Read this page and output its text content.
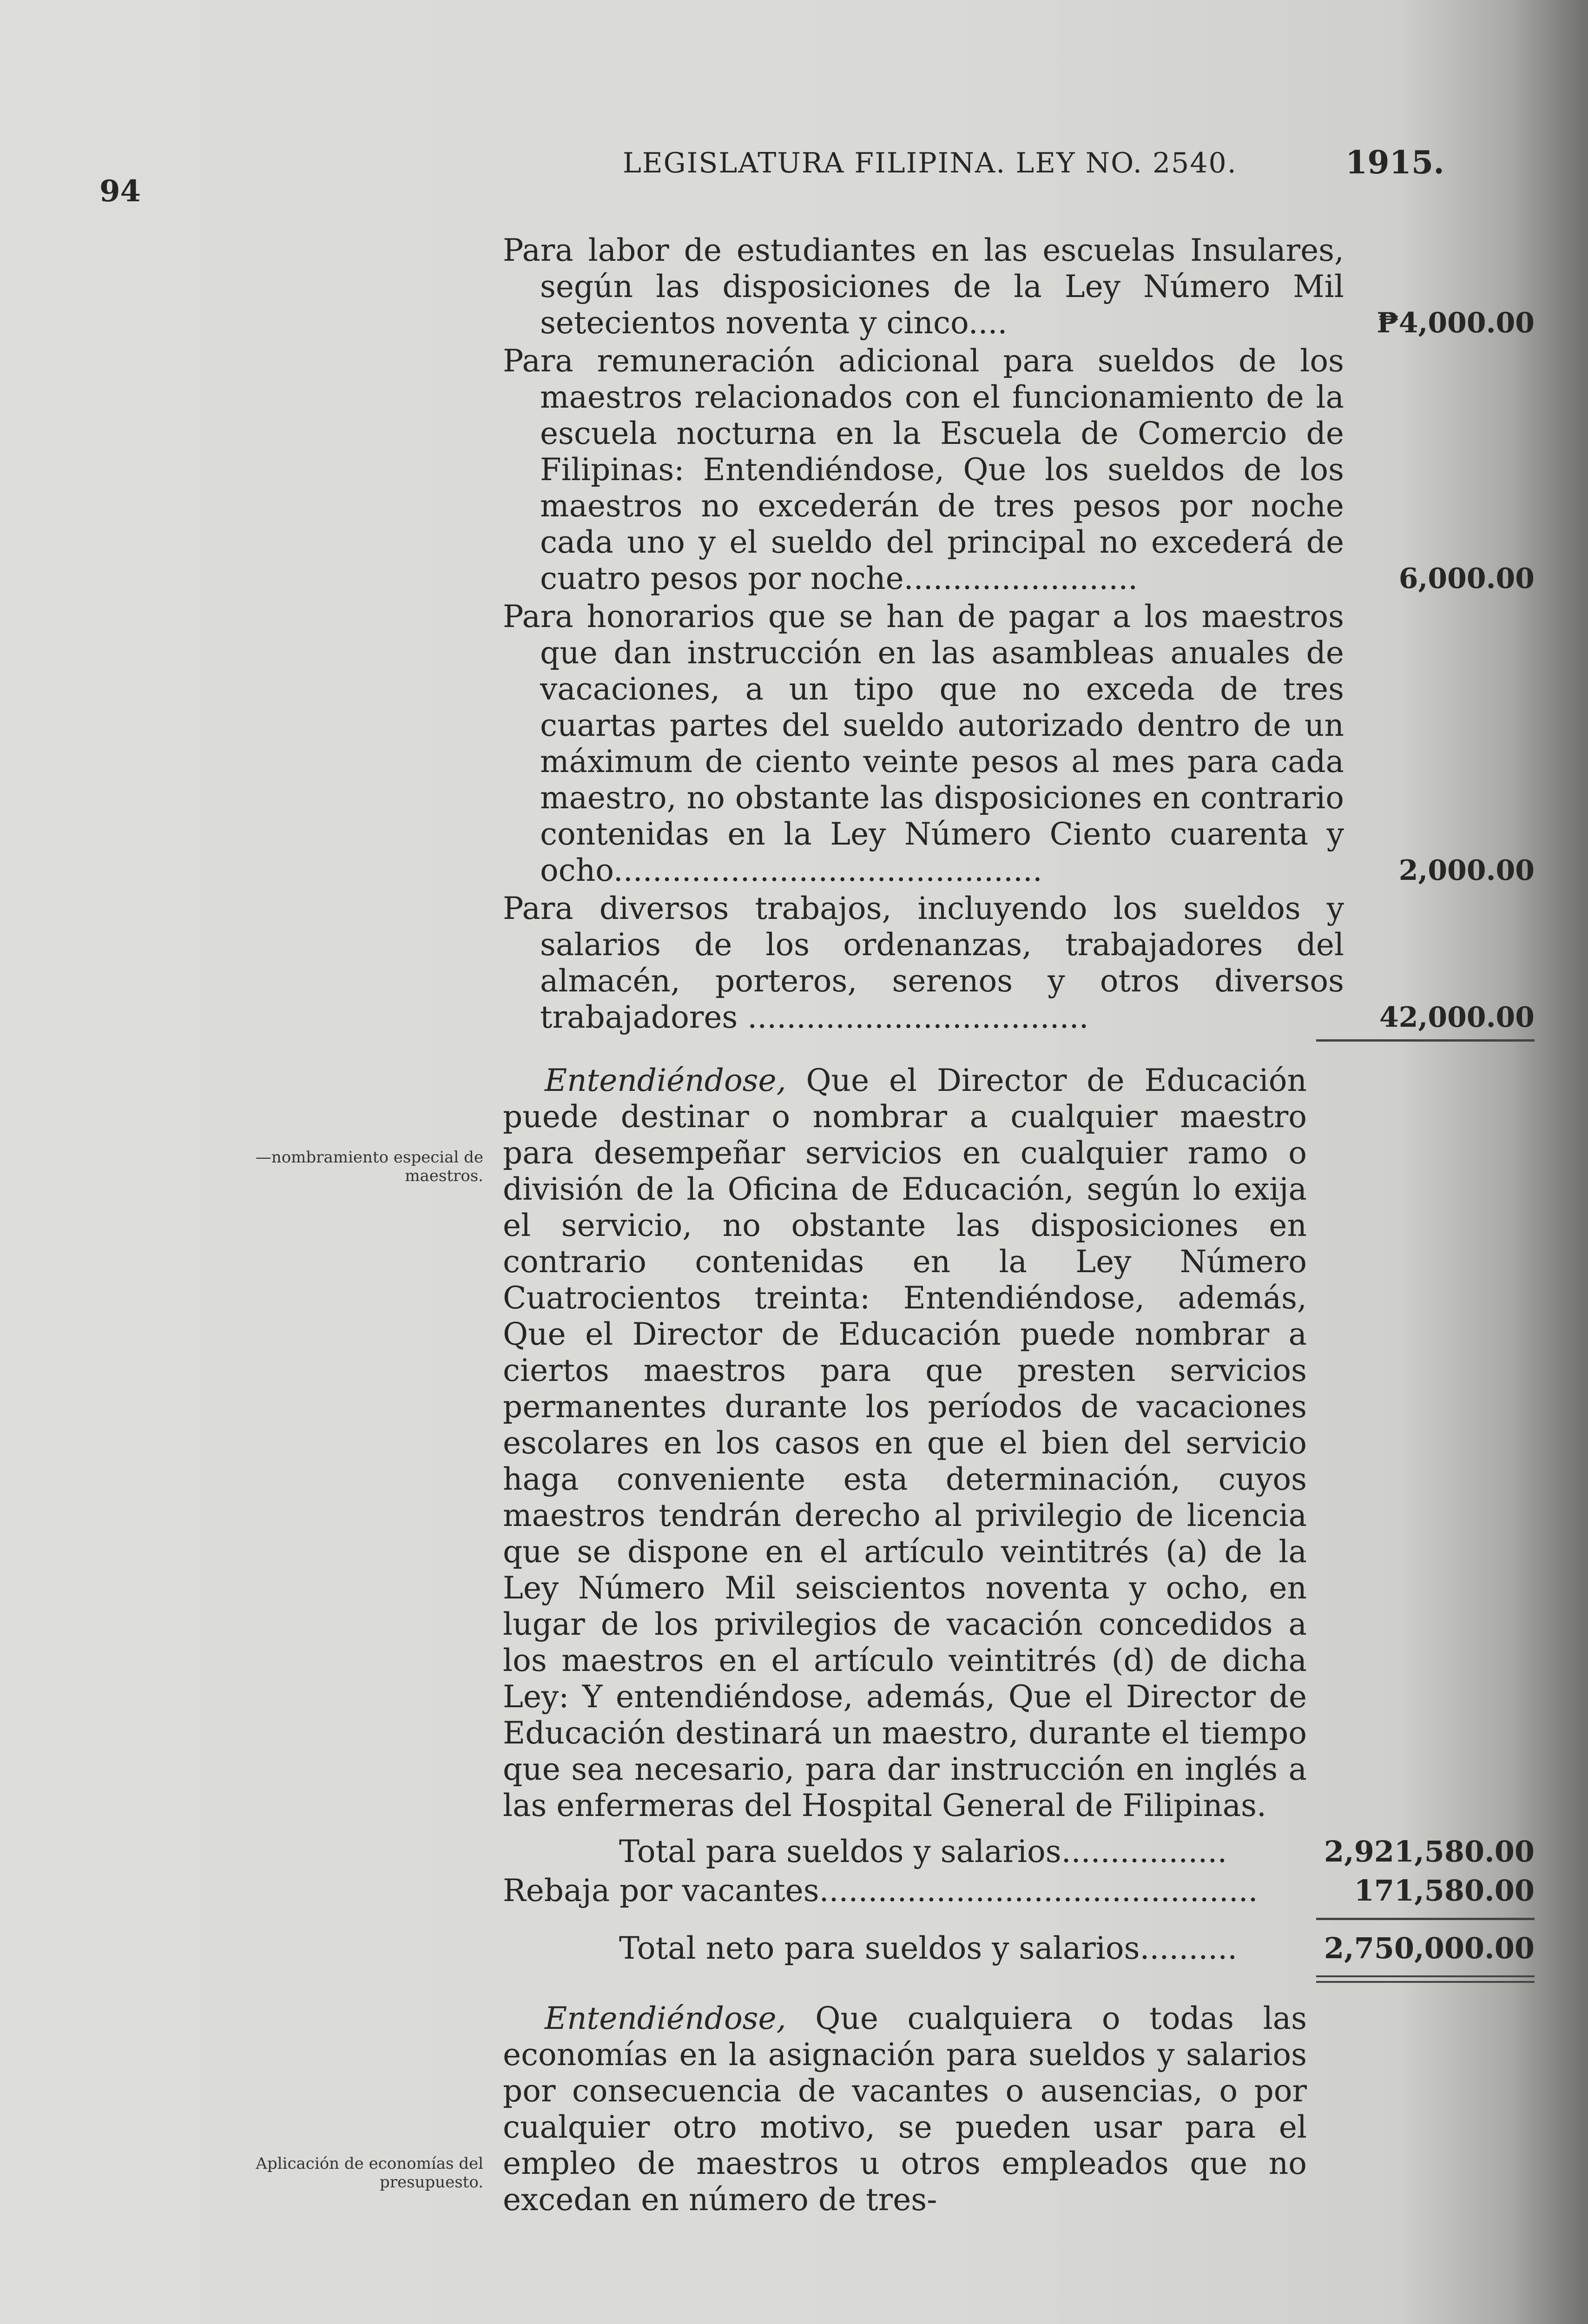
94
LEGISLATURA FILIPINA. LEY NO. 2540.	1915.
—nombramiento especial de maestros.
Aplicación de economías del presupuesto.
Para labor de estudiantes en las escuelas Insulares, según las disposiciones de la Ley Número Mil setecientos noventa y cinco....	₱4,000.00
Para remuneración adicional para sueldos de los maestros relacionados con el funcionamiento de la escuela nocturna en la Escuela de Comercio de Filipinas: Entendiéndose, Que los sueldos de los maestros no excederán de tres pesos por noche cada uno y el sueldo del principal no excederá de cuatro pesos por noche........................	6,000.00
Para honorarios que se han de pagar a los maestros que dan instrucción en las asambleas anuales de vacaciones, a un tipo que no exceda de tres cuartas partes del sueldo autorizado dentro de un máximum de ciento veinte pesos al mes para cada maestro, no obstante las disposiciones en contrario contenidas en la Ley Número Ciento cuarenta y ocho............................................	2,000.00
Para diversos trabajos, incluyendo los sueldos y salarios de los ordenanzas, trabajadores del almacén, porteros, serenos y otros diversos trabajadores ...................................	42,000.00

Entendiéndose, Que el Director de Educación puede destinar o nombrar a cualquier maestro para desempeñar servicios en cualquier ramo o división de la Oficina de Educación, según lo exija el servicio, no obstante las disposiciones en contrario contenidas en la Ley Número Cuatrocientos treinta: Entendiéndose, además, Que el Director de Educación puede nombrar a ciertos maestros para que presten servicios permanentes durante los períodos de vacaciones escolares en los casos en que el bien del servicio haga conveniente esta determinación, cuyos maestros tendrán derecho al privilegio de licencia que se dispone en el artículo veintitrés (a) de la Ley Número Mil seiscientos noventa y ocho, en lugar de los privilegios de vacación concedidos a los maestros en el artículo veintitrés (d) de dicha Ley: Y entendiéndose, además, Que el Director de Educación destinará un maestro, durante el tiempo que sea necesario, para dar instrucción en inglés a las enfermeras del Hospital General de Filipinas.

Total para sueldos y salarios.................	2,921,580.00
Rebaja por vacantes.............................................	171,580.00
Total neto para sueldos y salarios..........	2,750,000.00

Entendiéndose, Que cualquiera o todas las economías en la asignación para sueldos y salarios por consecuencia de vacantes o ausencias, o por cualquier otro motivo, se pueden usar para el empleo de maestros u otros empleados que no excedan en número de tres-
